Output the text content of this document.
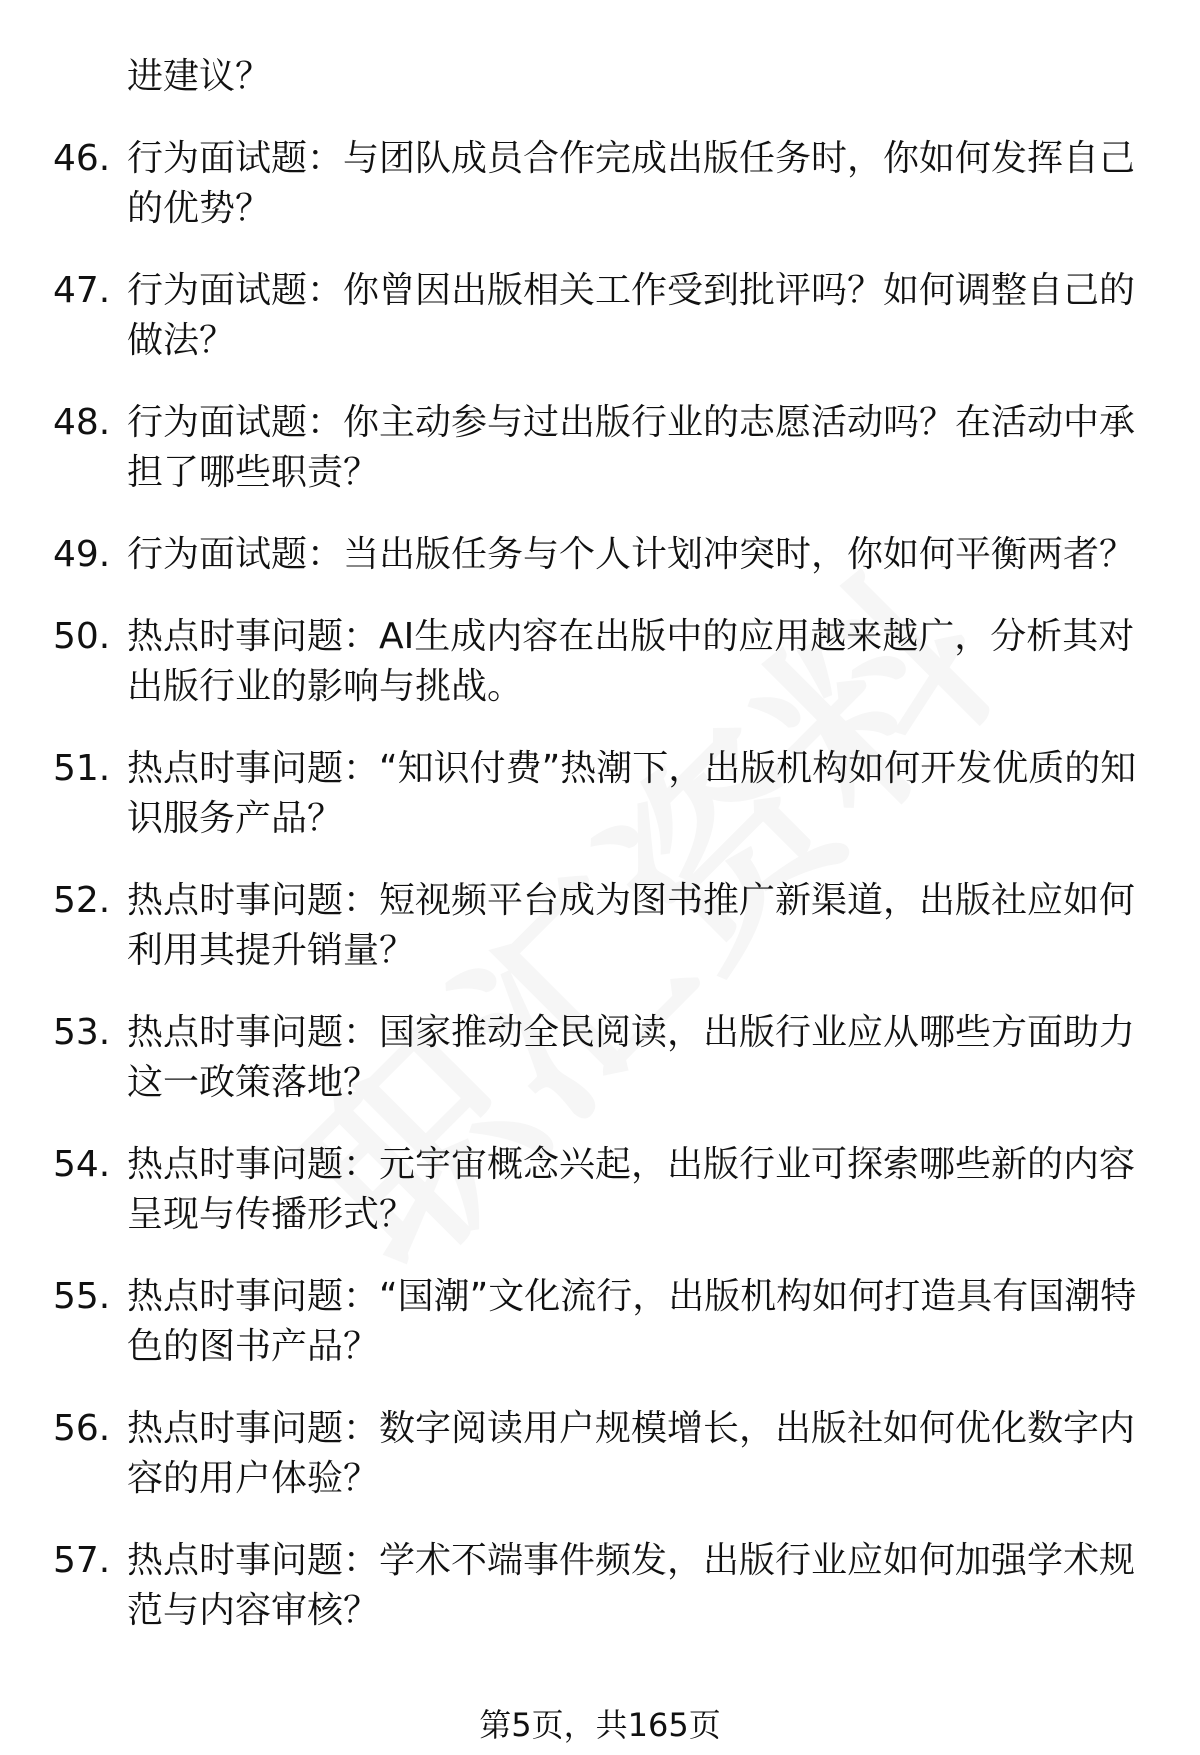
进建议？
46. 行为面试题：与团队成员合作完成出版任务时，你如何发挥自己的优势？
47. 行为面试题：你曾因出版相关工作受到批评吗？如何调整自己的做法？
48. 行为面试题：你主动参与过出版行业的志愿活动吗？在活动中承担了哪些职责？
49. 行为面试题：当出版任务与个人计划冲突时，你如何平衡两者？
50. 热点时事问题：AI生成内容在出版中的应用越来越广，分析其对出版行业的影响与挑战。
51. 热点时事问题：“知识付费”热潮下，出版机构如何开发优质的知识服务产品？
52. 热点时事问题：短视频平台成为图书推广新渠道，出版社应如何利用其提升销量？
53. 热点时事问题：国家推动全民阅读，出版行业应从哪些方面助力这一政策落地？
54. 热点时事问题：元宇宙概念兴起，出版行业可探索哪些新的内容呈现与传播形式？
55. 热点时事问题：“国潮”文化流行，出版机构如何打造具有国潮特色的图书产品？
56. 热点时事问题：数字阅读用户规模增长，出版社如何优化数字内容的用户体验？
57. 热点时事问题：学术不端事件频发，出版行业应如何加强学术规范与内容审核？
第5页，共165页
